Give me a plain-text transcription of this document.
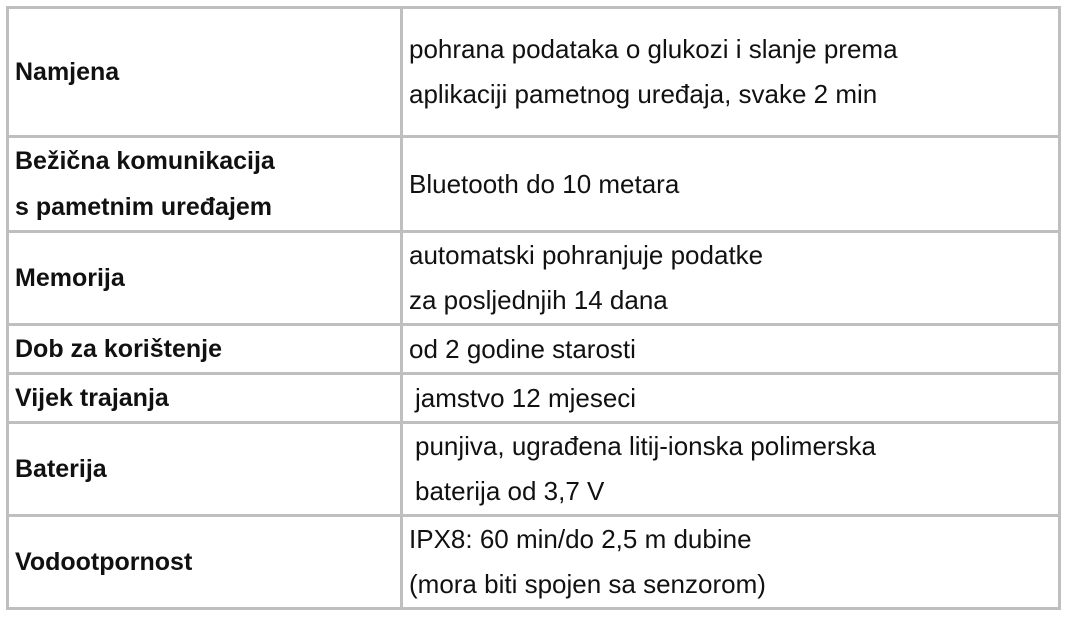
Namjena	pohrana podataka o glukozi i slanje prema
aplikaciji pametnog uređaja, svake 2 min

Bežična komunikacija
s pametnim uređajem	Bluetooth do 10 metara

Memorija	automatski pohranjuje podatke
za posljednjih 14 dana

Dob za korištenje	od 2 godine starosti

Vijek trajanja	jamstvo 12 mjeseci

Baterija	punjiva, ugrađena litij-ionska polimerska
baterija od 3,7 V

Vodootpornost	IPX8: 60 min/do 2,5 m dubine
(mora biti spojen sa senzorom)
